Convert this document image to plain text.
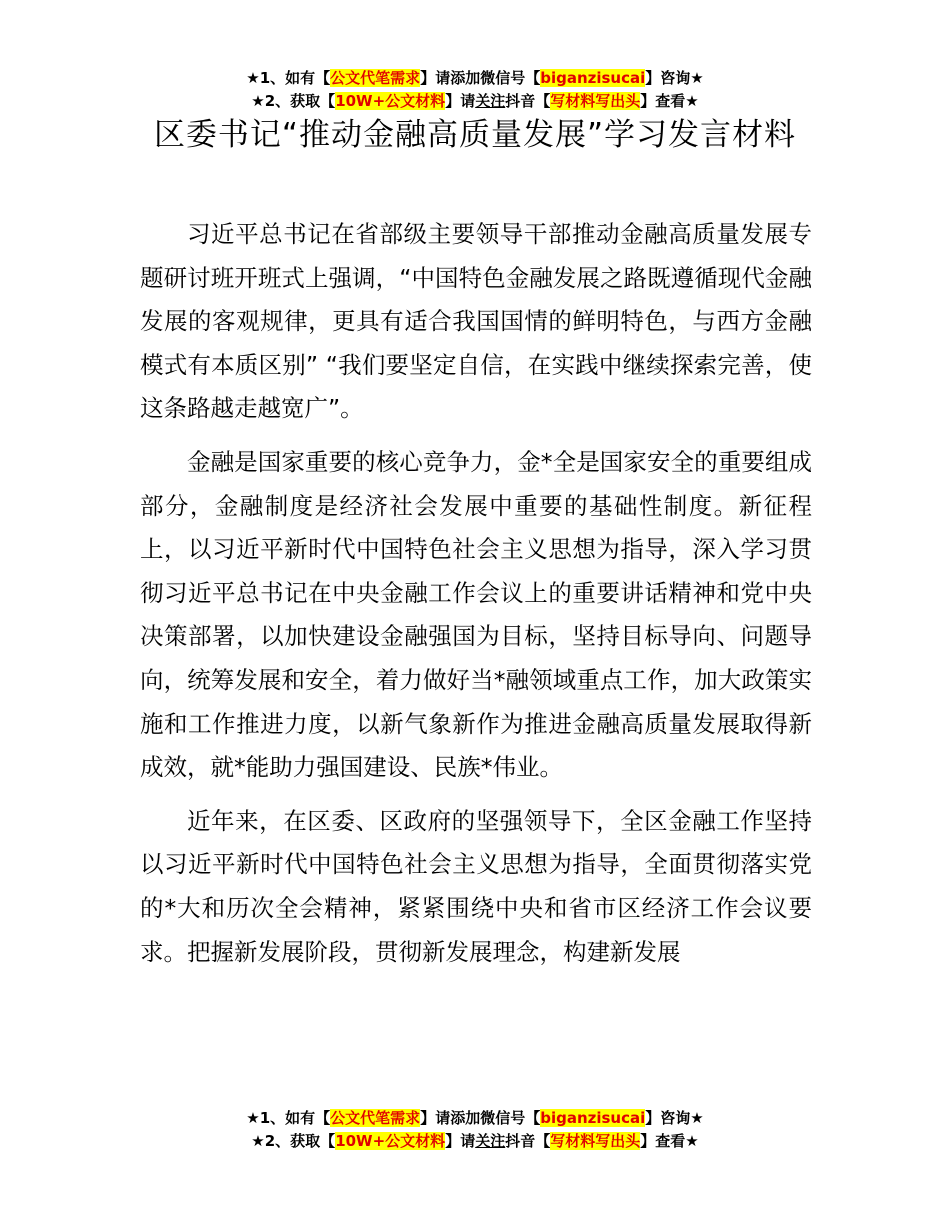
★1、如有【公文代笔需求】请添加微信号【biganzisucai】咨询★
★2、获取【10W+公文材料】请关注抖音【写材料写出头】查看★
区委书记“推动金融高质量发展”学习发言材料

习近平总书记在省部级主要领导干部推动金融高质量发展专题研讨班开班式上强调，“中国特色金融发展之路既遵循现代金融发展的客观规律，更具有适合我国国情的鲜明特色，与西方金融模式有本质区别” “我们要坚定自信，在实践中继续探索完善，使这条路越走越宽广”。

金融是国家重要的核心竞争力，金*全是国家安全的重要组成部分，金融制度是经济社会发展中重要的基础性制度。新征程上，以习近平新时代中国特色社会主义思想为指导，深入学习贯彻习近平总书记在中央金融工作会议上的重要讲话精神和党中央决策部署，以加快建设金融强国为目标，坚持目标导向、问题导向，统筹发展和安全，着力做好当*融领域重点工作，加大政策实施和工作推进力度，以新气象新作为推进金融高质量发展取得新成效，就*能助力强国建设、民族*伟业。

近年来，在区委、区政府的坚强领导下，全区金融工作坚持以习近平新时代中国特色社会主义思想为指导，全面贯彻落实党的*大和历次全会精神，紧紧围绕中央和省市区经济工作会议要求。把握新发展阶段，贯彻新发展理念，构建新发展

★1、如有【公文代笔需求】请添加微信号【biganzisucai】咨询★
★2、获取【10W+公文材料】请关注抖音【写材料写出头】查看★
